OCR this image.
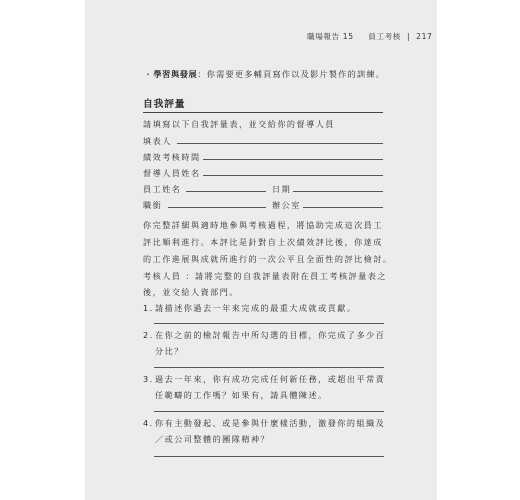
職場報告 15   員工考核 | 217
・學習與發展：你需要更多輔頁寫作以及影片製作的訓練。
自我評量
請填寫以下自我評量表，並交給你的督導人員
填表人
績效考核時間
督導人員姓名
員工姓名	日期
職銜	辦公室
你完整詳細與適時地參與考核過程，將協助完成這次員工
評比順利進行。本評比是針對自上次績效評比後，你達成
的工作進展與成就所進行的一次公平且全面性的評比檢討。
考核人員 ：請將完整的自我評量表附在員工考核評量表之
後，並交給人資部門。
1. 請描述你過去一年來完成的最重大成就或貢獻。
2. 在你之前的檢討報告中所勾選的目標，你完成了多少百
分比？
3. 過去一年來，你有成功完成任何新任務，或超出平常責
任範疇的工作嗎？如果有，請具體陳述。
4. 你有主動發起、或是參與什麼樣活動，激發你的組織及
／或公司整體的團隊精神？
